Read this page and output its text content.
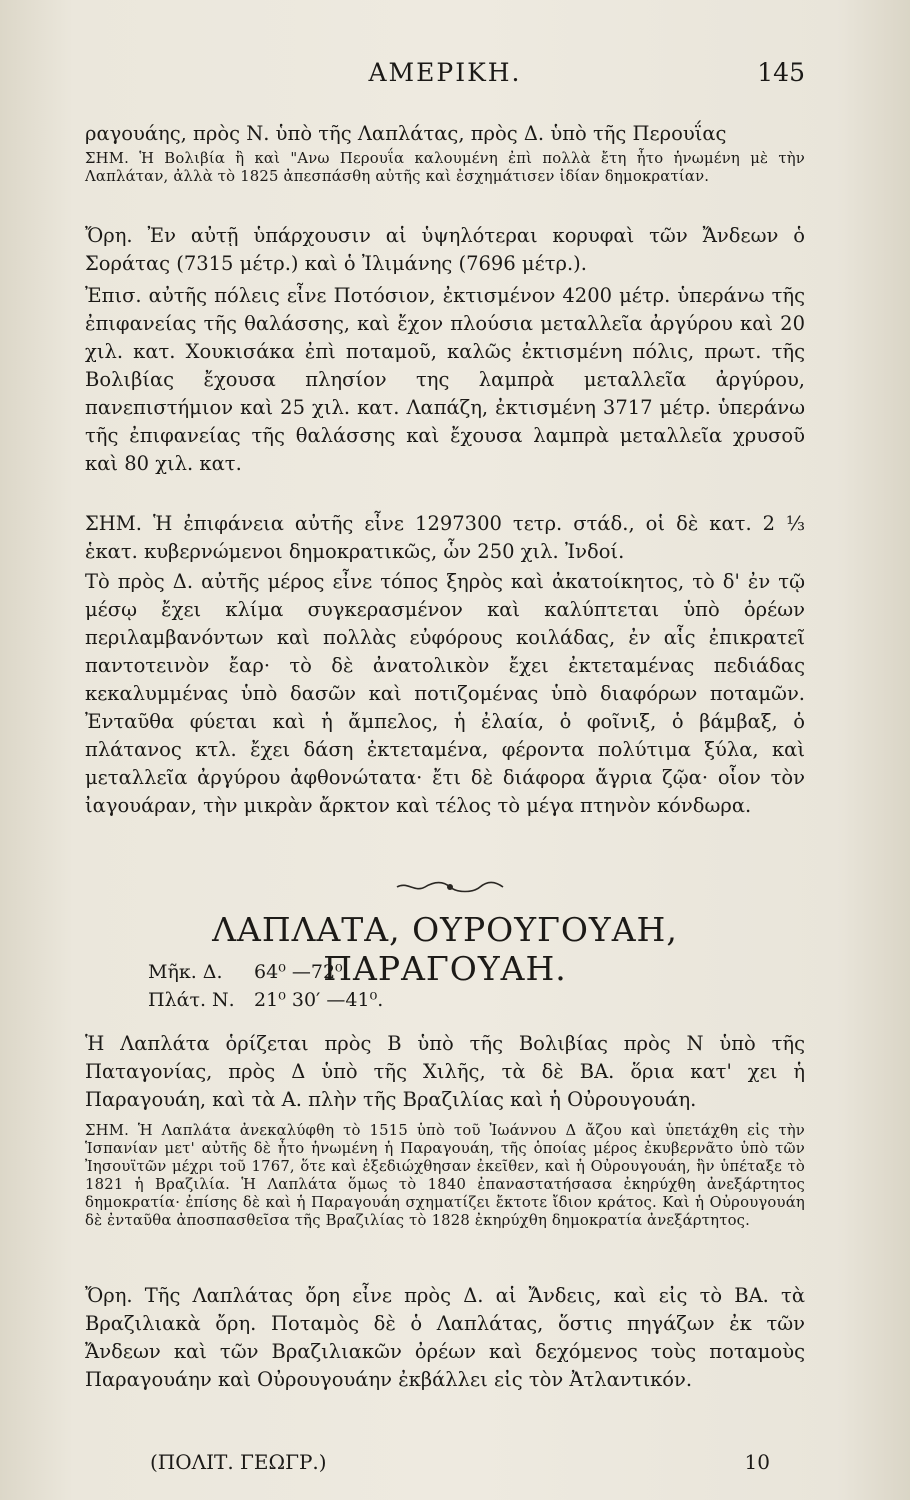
ΑΜΕΡΙΚΗ.	145

ραγουάης, πρὸς Ν. ὑπὸ τῆς Λαπλάτας, πρὸς Δ. ὑπὸ τῆς Περουΐας

ΣΗΜ. Ἡ Βολιβία ἢ καὶ "Ανω Περουΐα καλουμένη ἐπὶ πολλὰ ἔτη ἦτο ἡνωμένη μὲ τὴν Λαπλάταν, ἀλλὰ τὸ 1825 ἀπεσπάσθη αὐτῆς καὶ ἐσχημάτισεν ἰδίαν δημοκρατίαν.

Ὄρη. Ἐν αὐτῇ ὑπάρχουσιν αἱ ὑψηλότεραι κορυφαὶ τῶν Ἄνδεων ὁ Σοράτας (7315 μέτρ.) καὶ ὁ Ἰλιμάνης (7696 μέτρ.).

Ἐπισ. αὐτῆς πόλεις εἶνε Ποτόσιον, ἐκτισμένον 4200 μέτρ. ὑπεράνω τῆς ἐπιφανείας τῆς θαλάσσης, καὶ ἔχον πλούσια μεταλλεῖα ἀργύρου καὶ 20 χιλ. κατ. Χουκισάκα ἐπὶ ποταμοῦ, καλῶς ἐκτισμένη πόλις, πρωτ. τῆς Βολιβίας ἔχουσα πλησίον της λαμπρὰ μεταλλεῖα ἀργύρου, πανεπιστήμιον καὶ 25 χιλ. κατ. Λαπάζη, ἐκτισμένη 3717 μέτρ. ὑπεράνω τῆς ἐπιφανείας τῆς θαλάσσης καὶ ἔχουσα λαμπρὰ μεταλλεῖα χρυσοῦ καὶ 80 χιλ. κατ.

ΣΗΜ. Ἡ ἐπιφάνεια αὐτῆς εἶνε 1297300 τετρ. στάδ., οἱ δὲ κατ. 2 ⅓ ἑκατ. κυβερνώμενοι δημοκρατικῶς, ὧν 250 χιλ. Ἰνδοί.

Τὸ πρὸς Δ. αὐτῆς μέρος εἶνε τόπος ξηρὸς καὶ ἀκατοίκητος, τὸ δ' ἐν τῷ μέσῳ ἔχει κλίμα συγκερασμένον καὶ καλύπτεται ὑπὸ ὀρέων περιλαμβανόντων καὶ πολλὰς εὐφόρους κοιλάδας, ἐν αἷς ἐπικρατεῖ παντοτεινὸν ἔαρ· τὸ δὲ ἀνατολικὸν ἔχει ἐκτεταμένας πεδιάδας κεκαλυμμένας ὑπὸ δασῶν καὶ ποτιζομένας ὑπὸ διαφόρων ποταμῶν. Ἐνταῦθα φύεται καὶ ἡ ἄμπελος, ἡ ἐλαία, ὁ φοῖνιξ, ὁ βάμβαξ, ὁ πλάτανος κτλ. ἔχει δάση ἐκτεταμένα, φέροντα πολύτιμα ξύλα, καὶ μεταλλεῖα ἀργύρου ἀφθονώτατα· ἔτι δὲ διάφορα ἄγρια ζῷα· οἷον τὸν ἰαγουάραν, τὴν μικρὰν ἄρκτον καὶ τέλος τὸ μέγα πτηνὸν κόνδωρα.

ΛΑΠΛΑΤΑ, ΟΥΡΟΥΓΟΥΑΗ, ΠΑΡΑΓΟΥΑΗ.
Μῆκ. Δ. 64⁰ —72⁰.
Πλάτ. Ν. 21⁰ 30′ —41⁰.

Ἡ Λαπλάτα ὁρίζεται πρὸς Β ὑπὸ τῆς Βολιβίας πρὸς Ν ὑπὸ τῆς Παταγονίας, πρὸς Δ ὑπὸ τῆς Χιλῆς, τὰ δὲ ΒΑ. ὅρια κατ' χει ἡ Παραγουάη, καὶ τὰ Α. πλὴν τῆς Βραζιλίας καὶ ἡ Οὐρουγουάη.

ΣΗΜ. Ἡ Λαπλάτα ἀνεκαλύφθη τὸ 1515 ὑπὸ τοῦ Ἰωάννου Δ ἄζου καὶ ὑπετάχθη εἰς τὴν Ἱσπανίαν μετ' αὐτῆς δὲ ἦτο ἡνωμένη ἡ Παραγουάη, τῆς ὁποίας μέρος ἐκυβερνᾶτο ὑπὸ τῶν Ἰησουϊτῶν μέχρι τοῦ 1767, ὅτε καὶ ἐξεδιώχθησαν ἐκεῖθεν, καὶ ἡ Οὐρουγουάη, ἣν ὑπέταξε τὸ 1821 ἡ Βραζιλία. Ἡ Λαπλάτα ὅμως τὸ 1840 ἐπαναστατήσασα ἐκηρύχθη ἀνεξάρτητος δημοκρατία· ἐπίσης δὲ καὶ ἡ Παραγουάη σχηματίζει ἔκτοτε ἴδιον κράτος. Καὶ ἡ Οὐρουγουάη δὲ ἐνταῦθα ἀποσπασθεῖσα τῆς Βραζιλίας τὸ 1828 ἐκηρύχθη δημοκρατία ἀνεξάρτητος.

Ὄρη. Τῆς Λαπλάτας ὄρη εἶνε πρὸς Δ. αἱ Ἄνδεις, καὶ εἰς τὸ ΒΑ. τὰ Βραζιλιακὰ ὄρη. Ποταμὸς δὲ ὁ Λαπλάτας, ὅστις πηγάζων ἐκ τῶν Ἄνδεων καὶ τῶν Βραζιλιακῶν ὀρέων καὶ δεχόμενος τοὺς ποταμοὺς Παραγουάην καὶ Οὐρουγουάην ἐκβάλλει εἰς τὸν Ἀτλαντικόν.

(ΠΟΛΙΤ. ΓΕΩΓΡ.)	10
